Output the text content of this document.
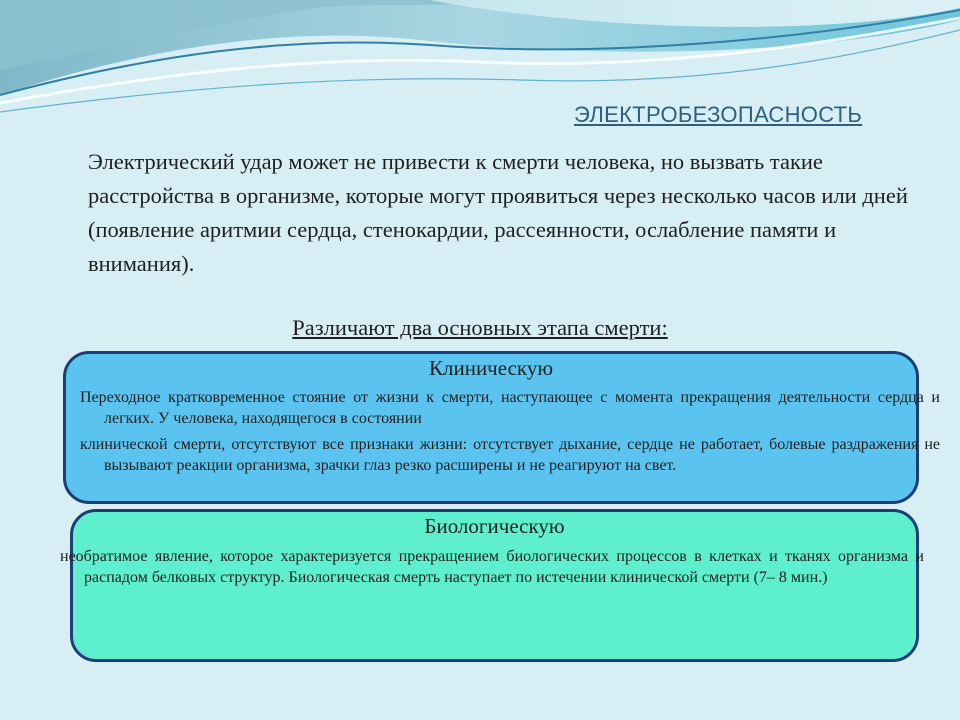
ЭЛЕКТРОБЕЗОПАСНОСТЬ

Электрический удар может не привести к смерти человека, но вызвать такие расстройства в организме, которые могут проявиться через несколько часов или дней (появление аритмии сердца, стенокардии, рассеянности, ослабление памяти и внимания).

Различают два основных этапа смерти:

Клиническую

Переходное кратковременное стояние от жизни к смерти, наступающее с момента прекращения деятельности сердца и легких. У человека, находящегося в состоянии

клинической смерти, отсутствуют все признаки жизни: отсутствует дыхание, сердце не работает, болевые раздражения не вызывают реакции организма, зрачки глаз резко расширены и не реагируют на свет.

Биологическую

необратимое явление, которое характеризуется прекращением биологических процессов в клетках и тканях организма и распадом белковых структур. Биологическая смерть наступает по истечении клинической смерти (7– 8 мин.)
